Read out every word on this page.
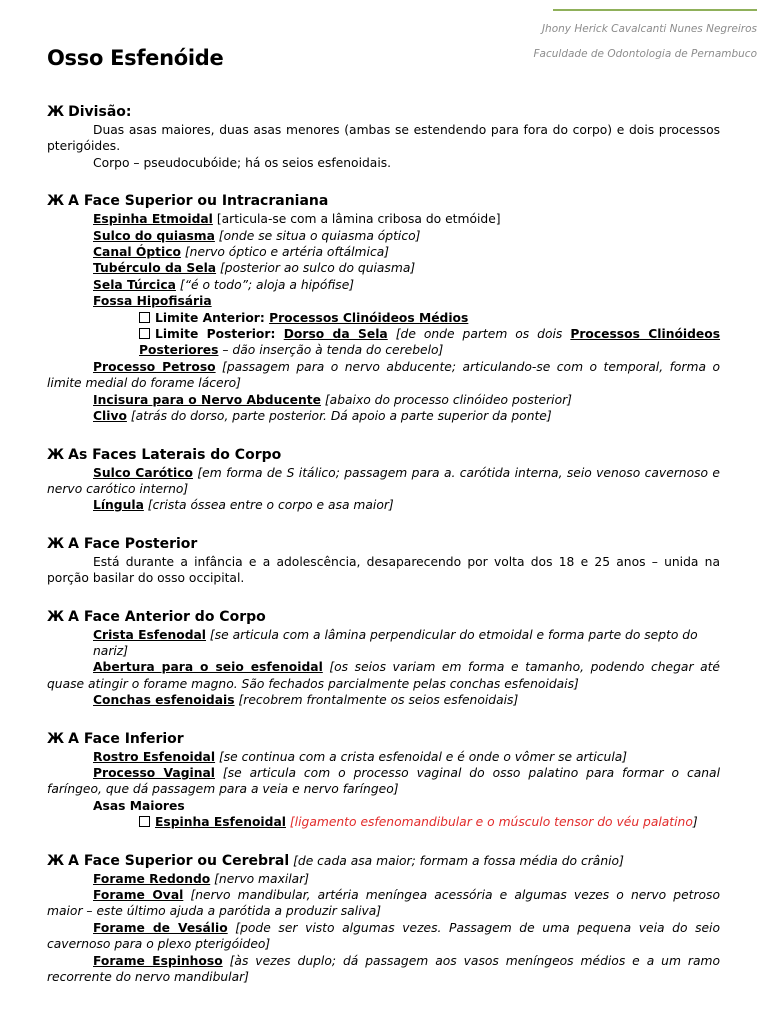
Jhony Herick Cavalcanti Nunes Negreiros
Faculdade de Odontologia de Pernambuco
Osso Esfenóide
Ж Divisão:

Duas asas maiores, duas asas menores (ambas se estendendo para fora do corpo) e dois processos pterigóides.

Corpo – pseudocubóide; há os seios esfenoidais.

Ж A Face Superior ou Intracraniana

Espinha Etmoidal [articula-se com a lâmina cribosa do etmóide]

Sulco do quiasma [onde se situa o quiasma óptico]

Canal Óptico [nervo óptico e artéria oftálmica]

Tubérculo da Sela [posterior ao sulco do quiasma]

Sela Túrcica [“é o todo”; aloja a hipófise]

Fossa Hipofisária

Limite Anterior: Processos Clinóideos Médios

Limite Posterior: Dorso da Sela [de onde partem os dois Processos Clinóideos Posteriores – dão inserção à tenda do cerebelo]

Processo Petroso [passagem para o nervo abducente; articulando-se com o temporal, forma o limite medial do forame lácero]

Incisura para o Nervo Abducente [abaixo do processo clinóideo posterior]

Clivo [atrás do dorso, parte posterior. Dá apoio a parte superior da ponte]

Ж As Faces Laterais do Corpo

Sulco Carótico [em forma de S itálico; passagem para a. carótida interna, seio venoso cavernoso e nervo carótico interno]

Língula [crista óssea entre o corpo e asa maior]

Ж A Face Posterior

Está durante a infância e a adolescência, desaparecendo por volta dos 18 e 25 anos – unida na porção basilar do osso occipital.

Ж A Face Anterior do Corpo

Crista Esfenodal [se articula com a lâmina perpendicular do etmoidal e forma parte do septo do nariz]

Abertura para o seio esfenoidal [os seios variam em forma e tamanho, podendo chegar até quase atingir o forame magno. São fechados parcialmente pelas conchas esfenoidais]

Conchas esfenoidais [recobrem frontalmente os seios esfenoidais]

Ж A Face Inferior

Rostro Esfenoidal [se continua com a crista esfenoidal e é onde o vômer se articula]

Processo Vaginal [se articula com o processo vaginal do osso palatino para formar o canal faríngeo, que dá passagem para a veia e nervo faríngeo]

Asas Maiores

Espinha Esfenoidal [ligamento esfenomandibular e o músculo tensor do véu palatino]

Ж A Face Superior ou Cerebral [de cada asa maior; formam a fossa média do crânio]

Forame Redondo [nervo maxilar]

Forame Oval [nervo mandibular, artéria meníngea acessória e algumas vezes o nervo petroso maior – este último ajuda a parótida a produzir saliva]

Forame de Vesálio [pode ser visto algumas vezes. Passagem de uma pequena veia do seio cavernoso para o plexo pterigóideo]

Forame Espinhoso [às vezes duplo; dá passagem aos vasos meníngeos médios e a um ramo recorrente do nervo mandibular]
